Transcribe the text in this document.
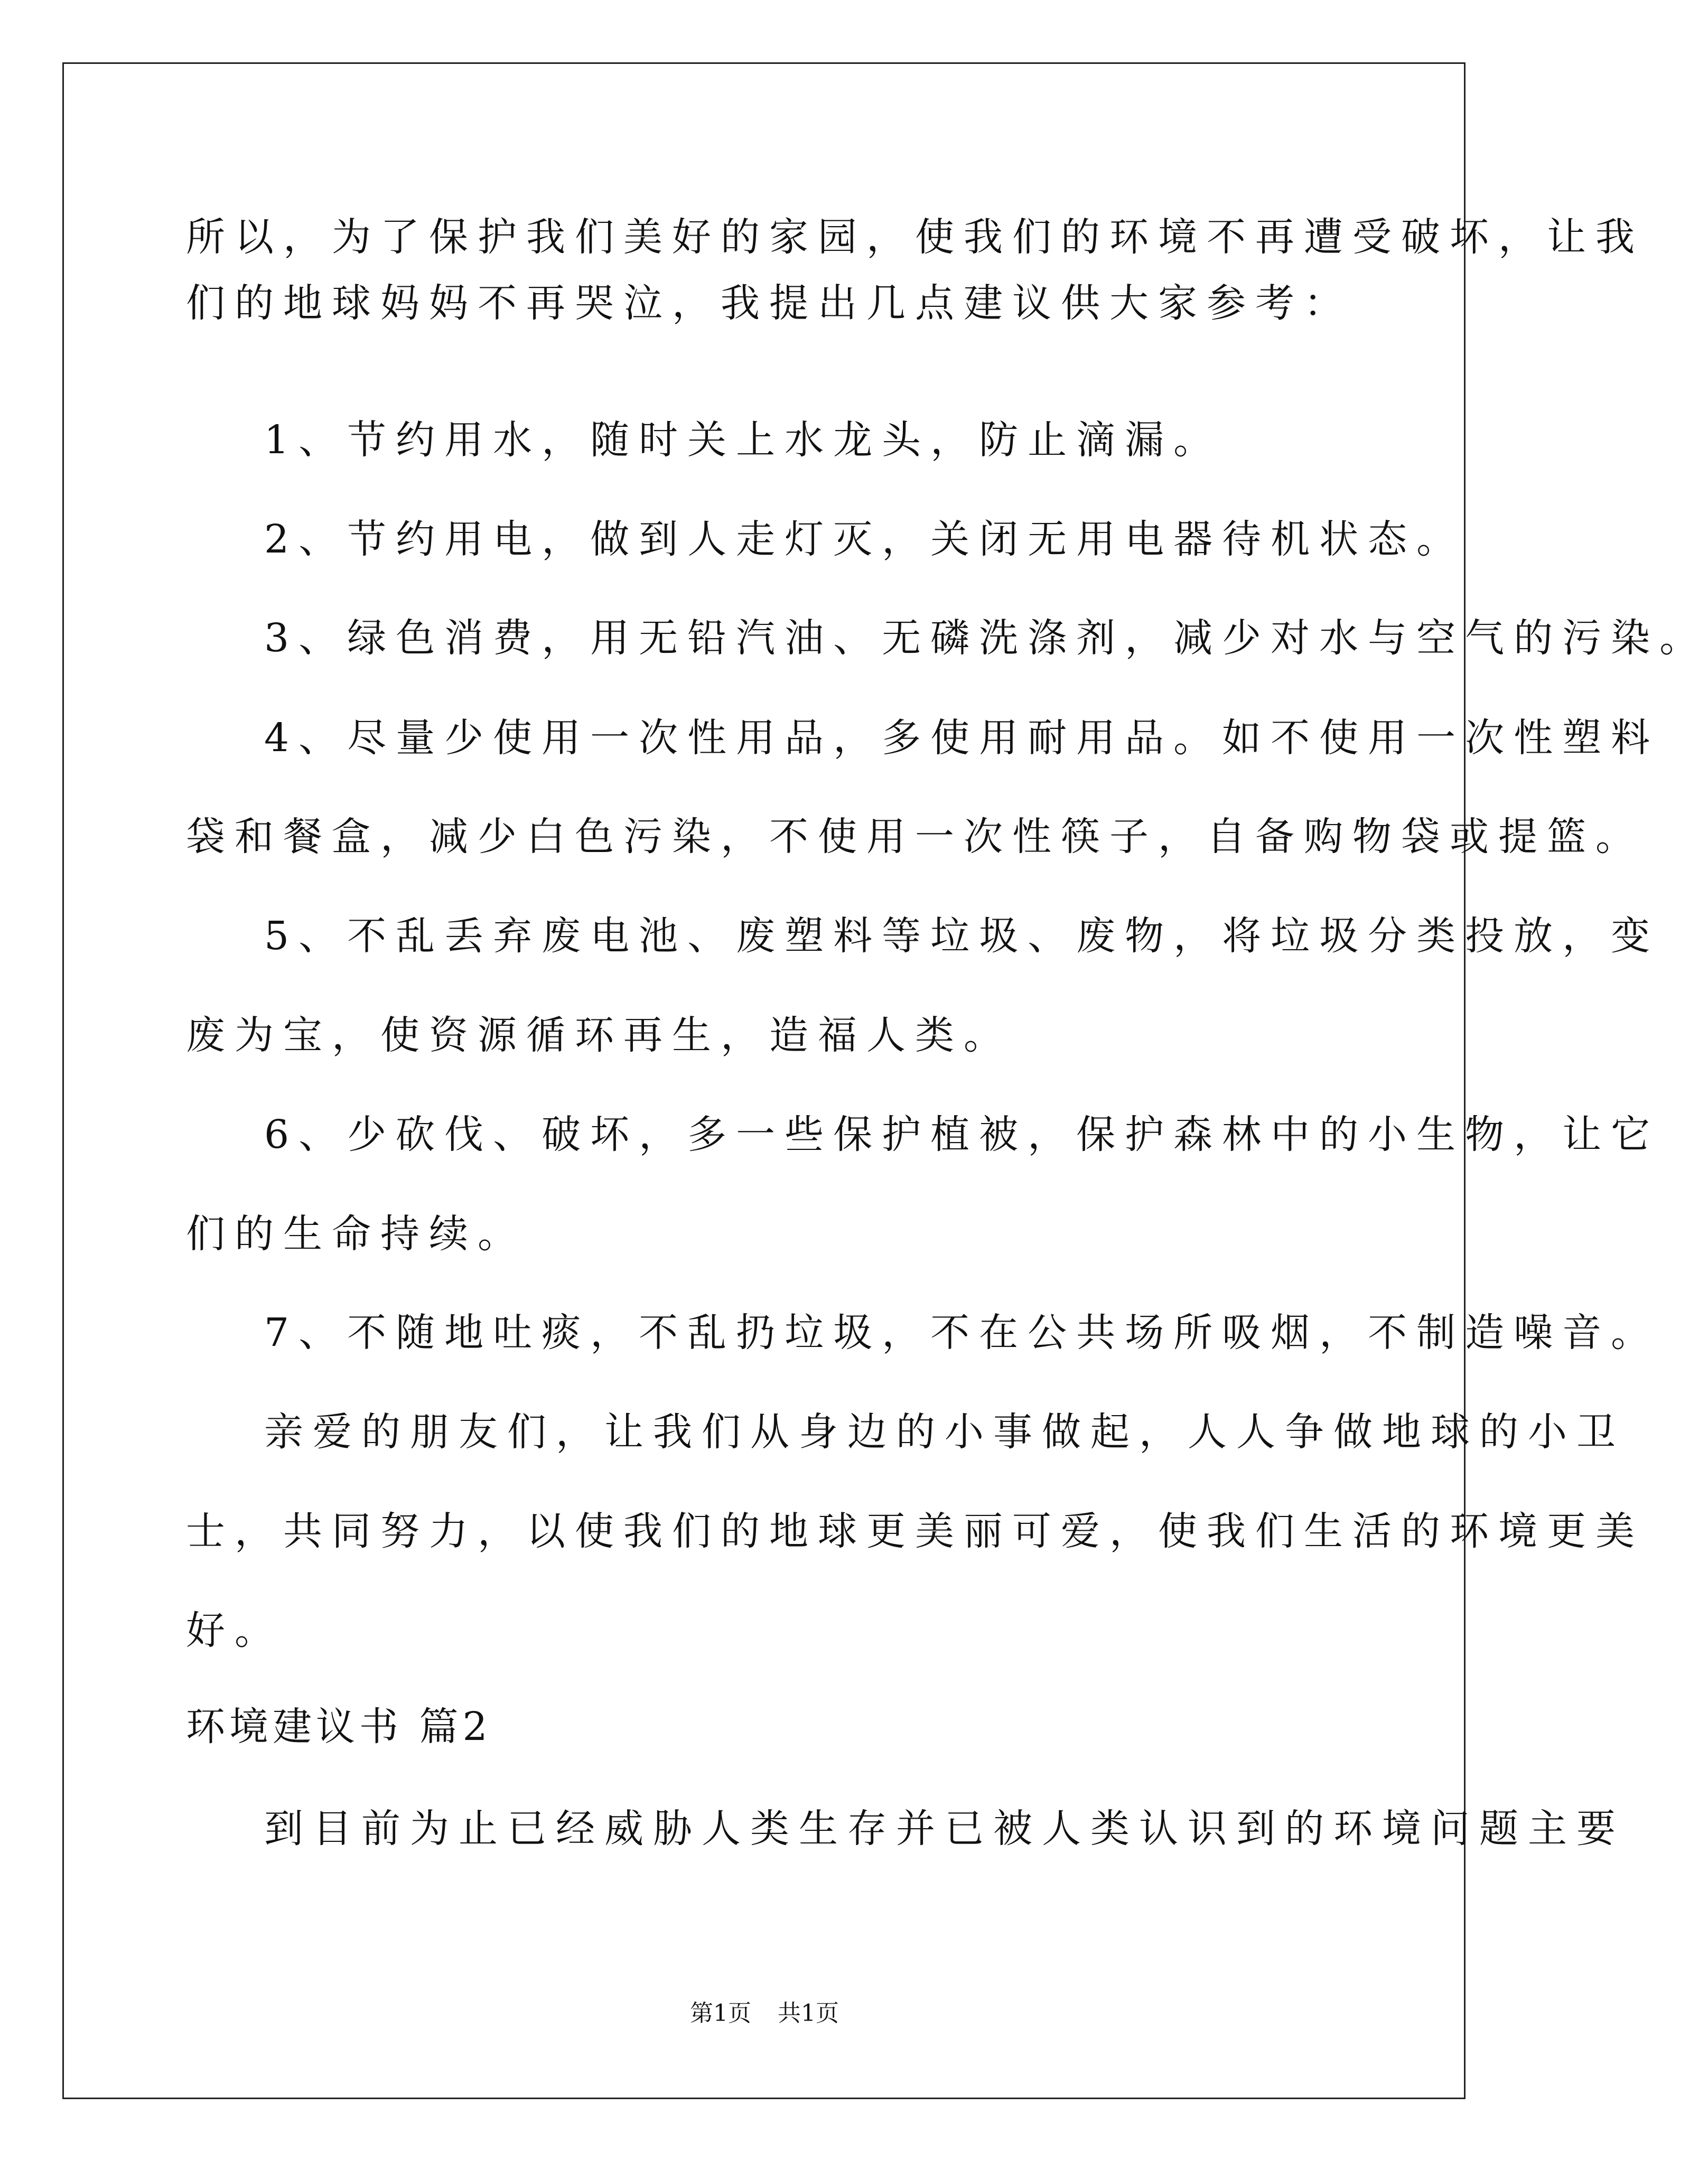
所以，为了保护我们美好的家园，使我们的环境不再遭受破坏，让我
们的地球妈妈不再哭泣，我提出几点建议供大家参考：
1、节约用水，随时关上水龙头，防止滴漏。
2、节约用电，做到人走灯灭，关闭无用电器待机状态。
3、绿色消费，用无铅汽油、无磷洗涤剂，减少对水与空气的污染。
4、尽量少使用一次性用品，多使用耐用品。如不使用一次性塑料
袋和餐盒，减少白色污染，不使用一次性筷子，自备购物袋或提篮。
5、不乱丢弃废电池、废塑料等垃圾、废物，将垃圾分类投放，变
废为宝，使资源循环再生，造福人类。
6、少砍伐、破坏，多一些保护植被，保护森林中的小生物，让它
们的生命持续。
7、不随地吐痰，不乱扔垃圾，不在公共场所吸烟，不制造噪音。
亲爱的朋友们，让我们从身边的小事做起，人人争做地球的小卫
士，共同努力，以使我们的地球更美丽可爱，使我们生活的环境更美
好。
环境建议书 篇2
到目前为止已经威胁人类生存并已被人类认识到的环境问题主要
第1页 共1页
